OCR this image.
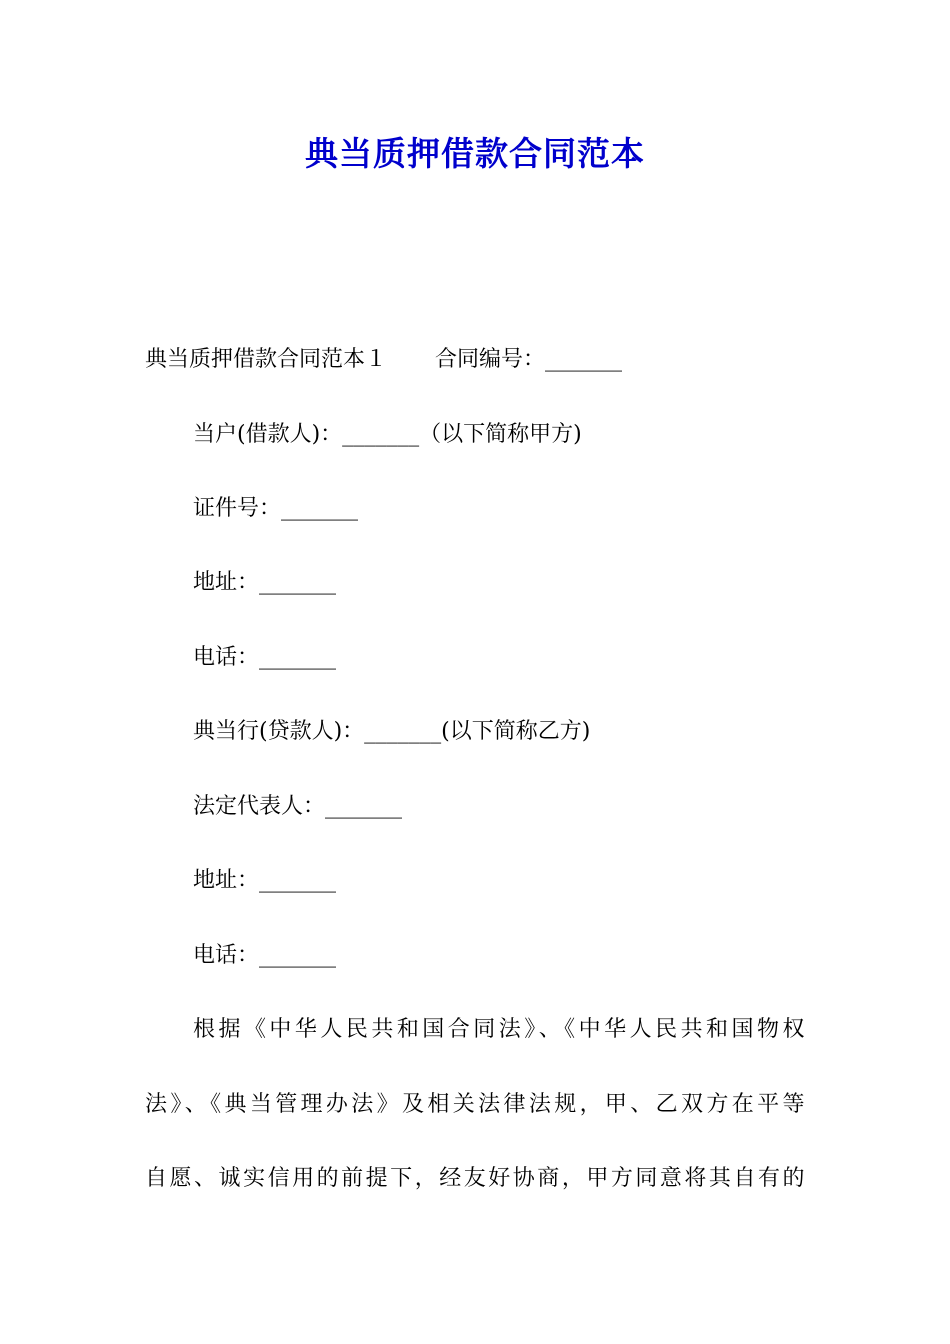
典当质押借款合同范本
典当质押借款合同范本１ 合同编号：_______
当户(借款人)：_______（以下简称甲方)
证件号：_______
地址：_______
电话：_______
典当行(贷款人)：_______(以下简称乙方)
法定代表人：_______
地址：_______
电话：_______
根据《中华人民共和国合同法》、《中华人民共和国物权
法》、《典当管理办法》及相关法律法规，甲、乙双方在平等
自愿、诚实信用的前提下，经友好协商，甲方同意将其自有的
